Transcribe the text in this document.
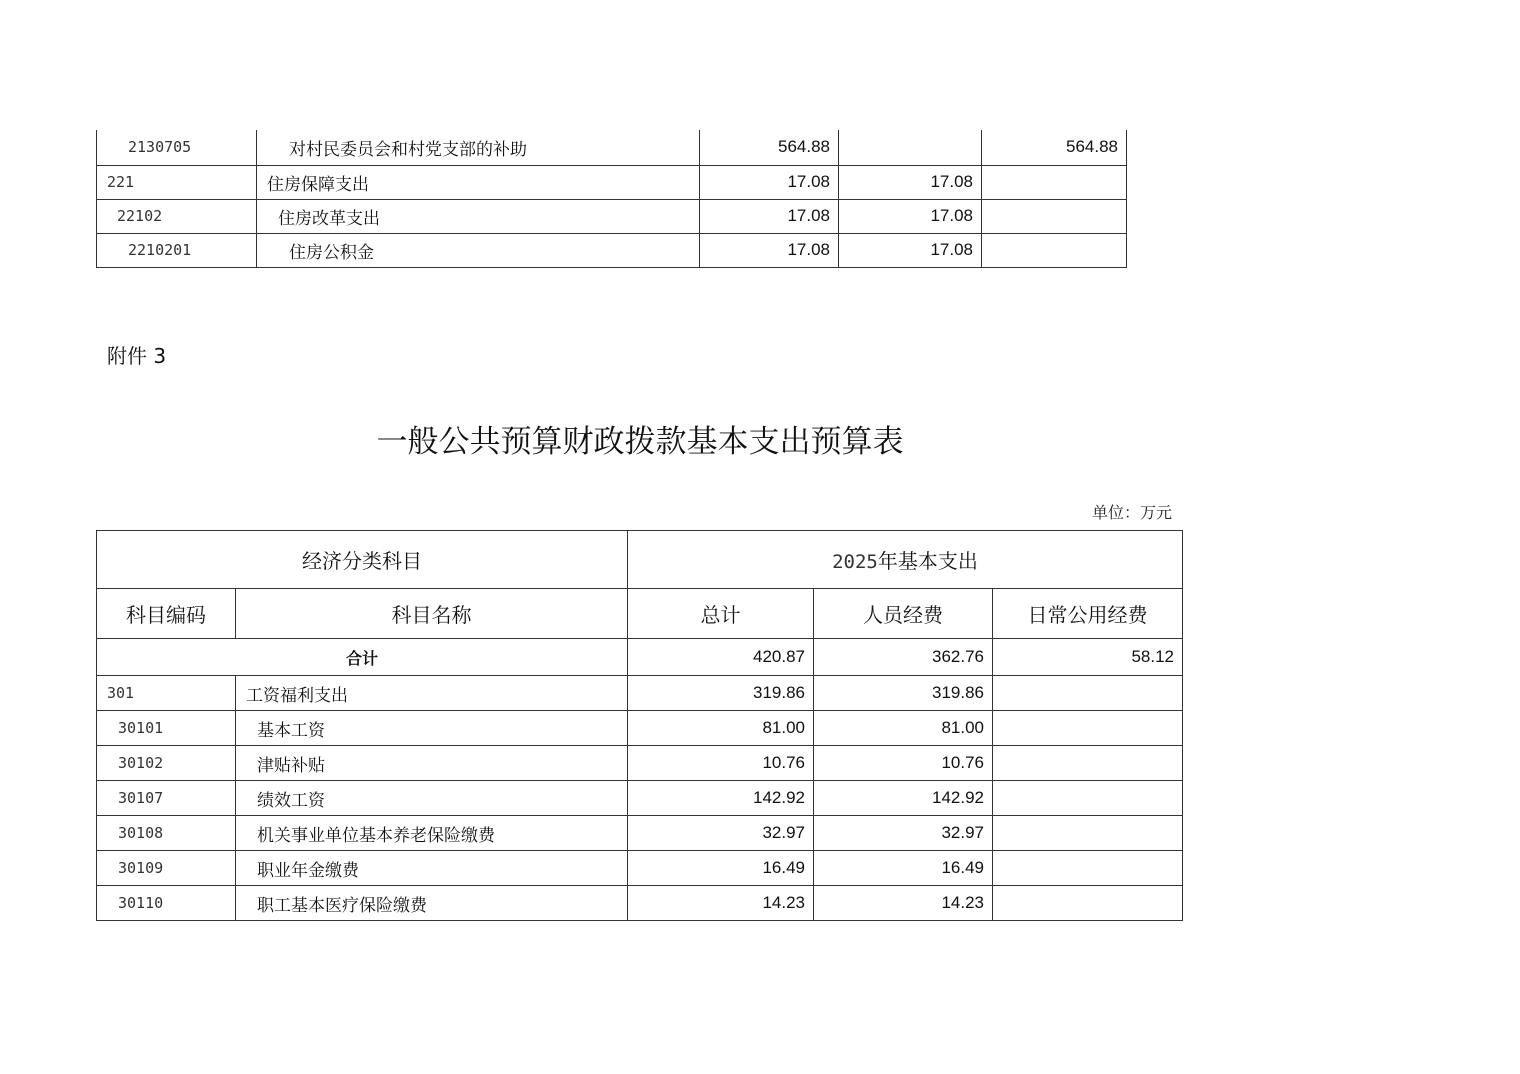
2130705	对村民委员会和村党支部的补助	564.88		564.88
221	住房保障支出	17.08	17.08	
22102	住房改革支出	17.08	17.08	
2210201	住房公积金	17.08	17.08	
附件 3
一般公共预算财政拨款基本支出预算表
单位：万元
经济分类科目		2025年基本支出		
科目编码	科目名称	总计	人员经费	日常公用经费
合计		420.87	362.76	58.12
301	工资福利支出	319.86	319.86	
30101	基本工资	81.00	81.00	
30102	津贴补贴	10.76	10.76	
30107	绩效工资	142.92	142.92	
30108	机关事业单位基本养老保险缴费	32.97	32.97	
30109	职业年金缴费	16.49	16.49	
30110	职工基本医疗保险缴费	14.23	14.23	
